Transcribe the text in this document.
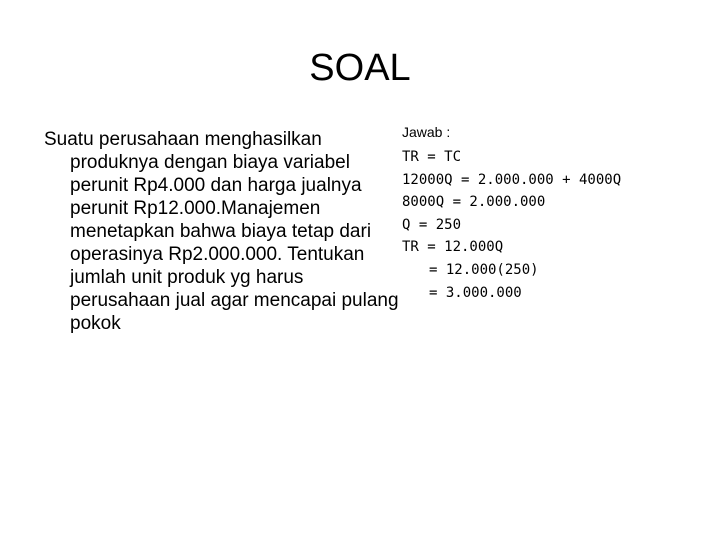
SOAL
Suatu perusahaan menghasilkan produknya dengan biaya variabel perunit Rp4.000 dan harga jualnya perunit Rp12.000.Manajemen menetapkan bahwa biaya tetap dari operasinya Rp2.000.000. Tentukan jumlah unit produk yg harus perusahaan jual agar mencapai pulang pokok
Jawab :
TR = TC
12000Q = 2.000.000 + 4000Q
8000Q = 2.000.000
Q = 250
TR = 12.000Q
= 12.000(250)
= 3.000.000
